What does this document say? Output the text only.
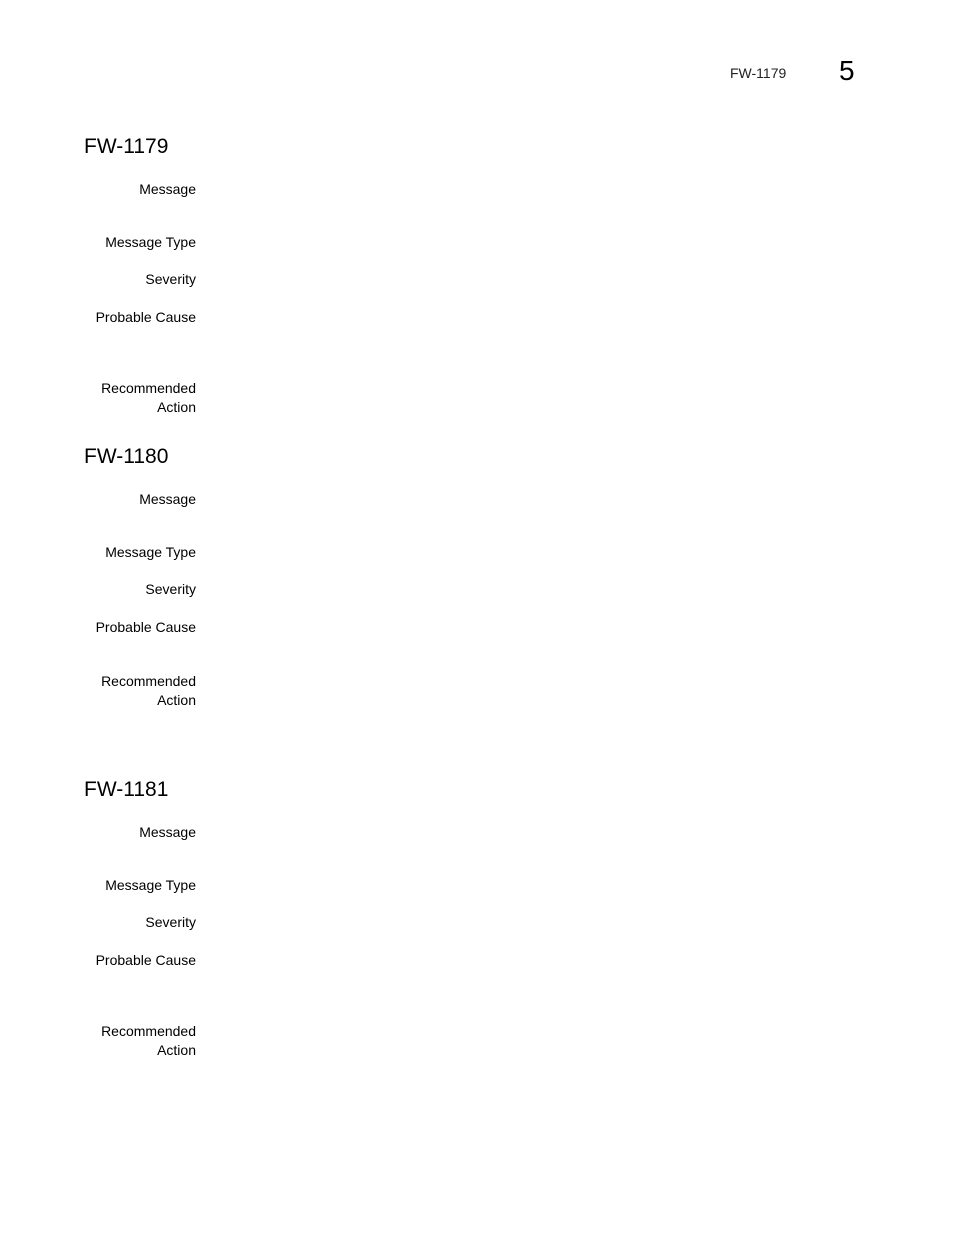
FW-1179 5
FW-1179
Message
Message Type
Severity
Probable Cause
Recommended
Action
FW-1180
Message
Message Type
Severity
Probable Cause
Recommended
Action
FW-1181
Message
Message Type
Severity
Probable Cause
Recommended
Action
